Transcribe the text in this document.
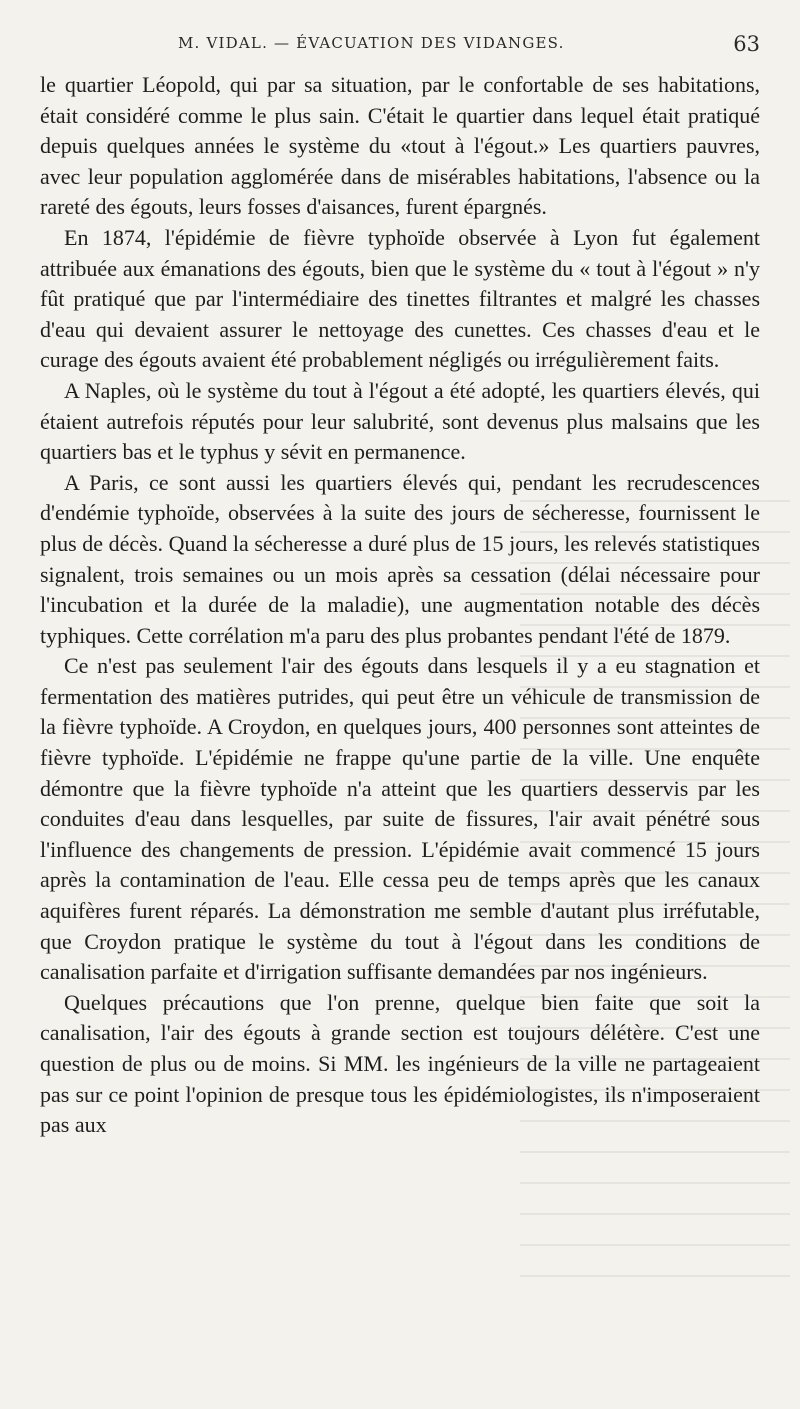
M. VIDAL. — ÉVACUATION DES VIDANGES.	63

le quartier Léopold, qui par sa situation, par le confortable de ses habitations, était considéré comme le plus sain. C'était le quartier dans lequel était pratiqué depuis quelques années le système du «tout à l'égout.» Les quartiers pauvres, avec leur population agglomérée dans de misérables habitations, l'absence ou la rareté des égouts, leurs fosses d'aisances, furent épargnés.

En 1874, l'épidémie de fièvre typhoïde observée à Lyon fut également attribuée aux émanations des égouts, bien que le système du « tout à l'égout » n'y fût pratiqué que par l'intermédiaire des tinettes filtrantes et malgré les chasses d'eau qui devaient assurer le nettoyage des cunettes. Ces chasses d'eau et le curage des égouts avaient été probablement négligés ou irrégulièrement faits.

A Naples, où le système du tout à l'égout a été adopté, les quartiers élevés, qui étaient autrefois réputés pour leur salubrité, sont devenus plus malsains que les quartiers bas et le typhus y sévit en permanence.

A Paris, ce sont aussi les quartiers élevés qui, pendant les recrudescences d'endémie typhoïde, observées à la suite des jours de sécheresse, fournissent le plus de décès. Quand la sécheresse a duré plus de 15 jours, les relevés statistiques signalent, trois semaines ou un mois après sa cessation (délai nécessaire pour l'incubation et la durée de la maladie), une augmentation notable des décès typhiques. Cette corrélation m'a paru des plus probantes pendant l'été de 1879.

Ce n'est pas seulement l'air des égouts dans lesquels il y a eu stagnation et fermentation des matières putrides, qui peut être un véhicule de transmission de la fièvre typhoïde. A Croydon, en quelques jours, 400 personnes sont atteintes de fièvre typhoïde. L'épidémie ne frappe qu'une partie de la ville. Une enquête démontre que la fièvre typhoïde n'a atteint que les quartiers desservis par les conduites d'eau dans lesquelles, par suite de fissures, l'air avait pénétré sous l'influence des changements de pression. L'épidémie avait commencé 15 jours après la contamination de l'eau. Elle cessa peu de temps après que les canaux aquifères furent réparés. La démonstration me semble d'autant plus irréfutable, que Croydon pratique le système du tout à l'égout dans les conditions de canalisation parfaite et d'irrigation suffisante demandées par nos ingénieurs.

Quelques précautions que l'on prenne, quelque bien faite que soit la canalisation, l'air des égouts à grande section est toujours délétère. C'est une question de plus ou de moins. Si MM. les ingénieurs de la ville ne partageaient pas sur ce point l'opinion de presque tous les épidémiologistes, ils n'imposeraient pas aux
